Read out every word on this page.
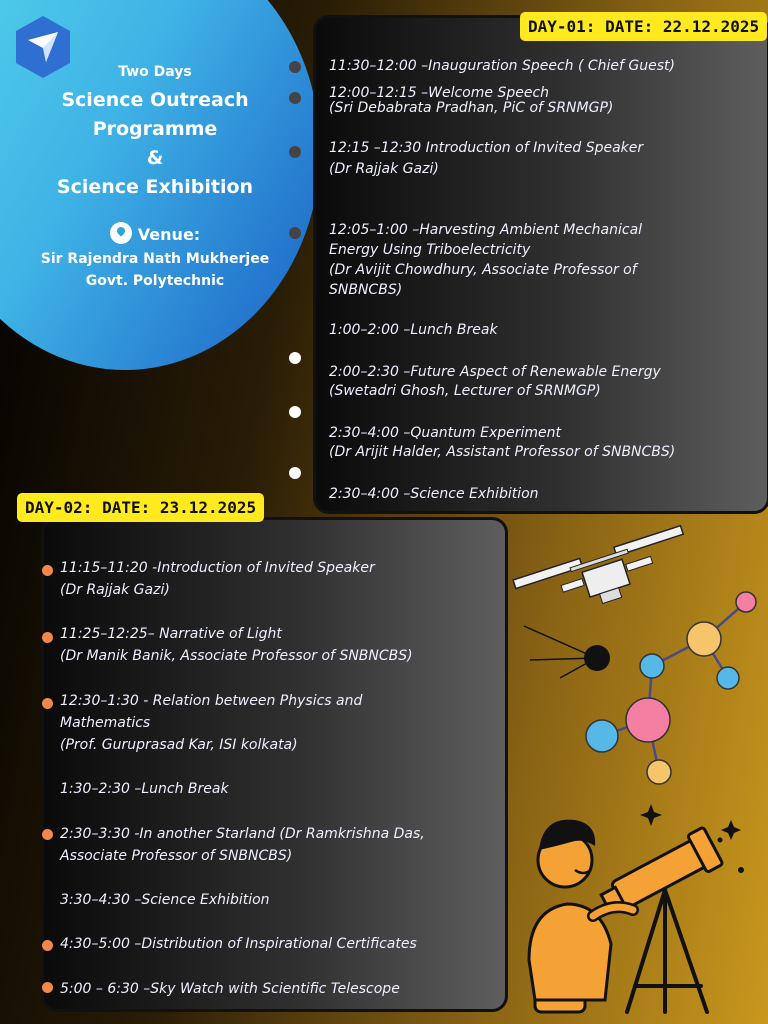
Two Days
Science Outreach
Programme
&
Science Exhibition
Venue:
Sir Rajendra Nath Mukherjee
Govt. Polytechnic
DAY-01: DATE: 22.12.2025
11:30–12:00 –Inauguration Speech ( Chief Guest)
12:00–12:15 –Welcome Speech
(Sri Debabrata Pradhan, PiC of SRNMGP)
12:15 –12:30 Introduction of Invited Speaker
(Dr Rajjak Gazi)
12:05–1:00 –Harvesting Ambient Mechanical
Energy Using Triboelectricity
(Dr Avijit Chowdhury, Associate Professor of
SNBNCBS)
1:00–2:00 –Lunch Break
2:00–2:30 –Future Aspect of Renewable Energy
(Swetadri Ghosh, Lecturer of SRNMGP)
2:30–4:00 –Quantum Experiment
(Dr Arijit Halder, Assistant Professor of SNBNCBS)
2:30–4:00 –Science Exhibition
DAY-02: DATE: 23.12.2025
11:15–11:20 -Introduction of Invited Speaker
(Dr Rajjak Gazi)
11:25–12:25– Narrative of Light
(Dr Manik Banik, Associate Professor of SNBNCBS)
12:30–1:30 - Relation between Physics and
Mathematics
(Prof. Guruprasad Kar, ISI kolkata)
1:30–2:30 –Lunch Break
2:30–3:30 -In another Starland (Dr Ramkrishna Das,
Associate Professor of SNBNCBS)
3:30–4:30 –Science Exhibition
4:30–5:00 –Distribution of Inspirational Certificates
5:00 – 6:30 –Sky Watch with Scientific Telescope
